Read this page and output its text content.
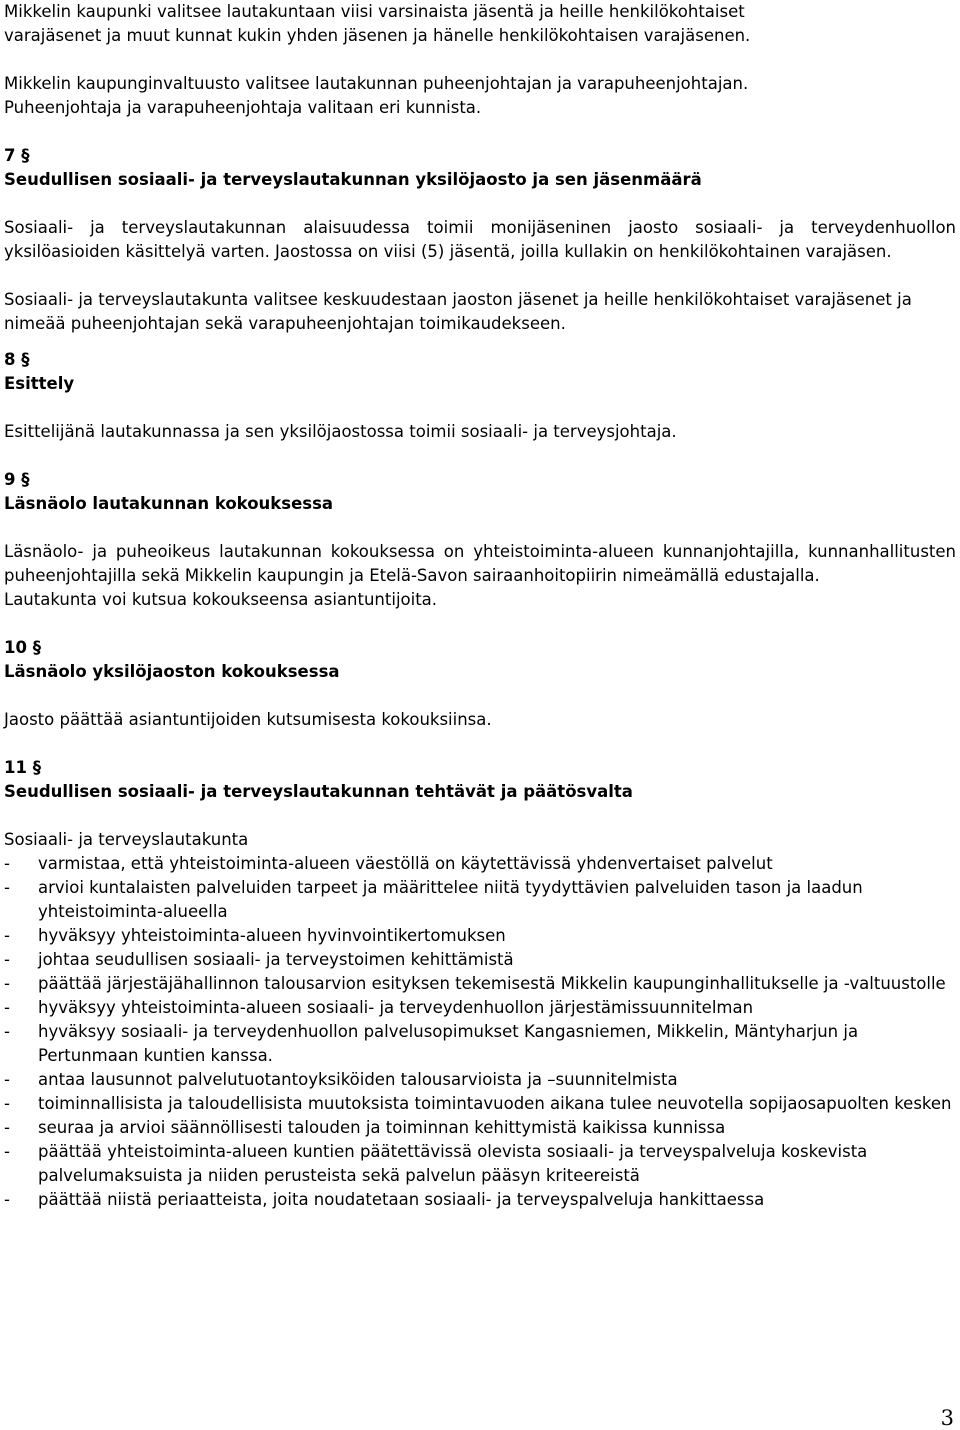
Mikkelin kaupunki valitsee lautakuntaan viisi varsinaista jäsentä ja heille henkilökohtaiset
varajäsenet ja muut kunnat kukin yhden jäsenen ja hänelle henkilökohtaisen varajäsenen.

Mikkelin kaupunginvaltuusto valitsee lautakunnan puheenjohtajan ja varapuheenjohtajan.
Puheenjohtaja ja varapuheenjohtaja valitaan eri kunnista.

7 §

Seudullisen sosiaali- ja terveyslautakunnan yksilöjaosto ja sen jäsenmäärä

Sosiaali- ja terveyslautakunnan alaisuudessa toimii monijäseninen jaosto sosiaali- ja terveydenhuollon yksilöasioiden käsittelyä varten. Jaostossa on viisi (5) jäsentä, joilla kullakin on henkilökohtainen varajäsen.

Sosiaali- ja terveyslautakunta valitsee keskuudestaan jaoston jäsenet ja heille henkilökohtaiset varajäsenet ja nimeää puheenjohtajan sekä varapuheenjohtajan toimikaudekseen.

8 §

Esittely

Esittelijänä lautakunnassa ja sen yksilöjaostossa toimii sosiaali- ja terveysjohtaja.

9 §

Läsnäolo lautakunnan kokouksessa

Läsnäolo- ja puheoikeus lautakunnan kokouksessa on yhteistoiminta-alueen kunnanjohtajilla, kunnanhallitusten puheenjohtajilla sekä Mikkelin kaupungin ja Etelä-Savon sairaanhoitopiirin nimeämällä edustajalla.

Lautakunta voi kutsua kokoukseensa asiantuntijoita.

10 §

Läsnäolo yksilöjaoston kokouksessa

Jaosto päättää asiantuntijoiden kutsumisesta kokouksiinsa.

11 §

Seudullisen sosiaali- ja terveyslautakunnan tehtävät ja päätösvalta

Sosiaali- ja terveyslautakunta

- varmistaa, että yhteistoiminta-alueen väestöllä on käytettävissä yhdenvertaiset palvelut
- arvioi kuntalaisten palveluiden tarpeet ja määrittelee niitä tyydyttävien palveluiden tason ja laadun yhteistoiminta-alueella
- hyväksyy yhteistoiminta-alueen hyvinvointikertomuksen
- johtaa seudullisen sosiaali- ja terveystoimen kehittämistä
- päättää järjestäjähallinnon talousarvion esityksen tekemisestä Mikkelin kaupunginhallitukselle ja -valtuustolle
- hyväksyy yhteistoiminta-alueen sosiaali- ja terveydenhuollon järjestämissuunnitelman
- hyväksyy sosiaali- ja terveydenhuollon palvelusopimukset Kangasniemen, Mikkelin, Mäntyharjun ja Pertunmaan kuntien kanssa.
- antaa lausunnot palvelutuotantoyksiköiden talousarvioista ja –suunnitelmista
- toiminnallisista ja taloudellisista muutoksista toimintavuoden aikana tulee neuvotella sopijaosapuolten kesken
- seuraa ja arvioi säännöllisesti talouden ja toiminnan kehittymistä kaikissa kunnissa
- päättää yhteistoiminta-alueen kuntien päätettävissä olevista sosiaali- ja terveyspalveluja koskevista palvelumaksuista ja niiden perusteista sekä palvelun pääsyn kriteereistä
- päättää niistä periaatteista, joita noudatetaan sosiaali- ja terveyspalveluja hankittaessa
3
